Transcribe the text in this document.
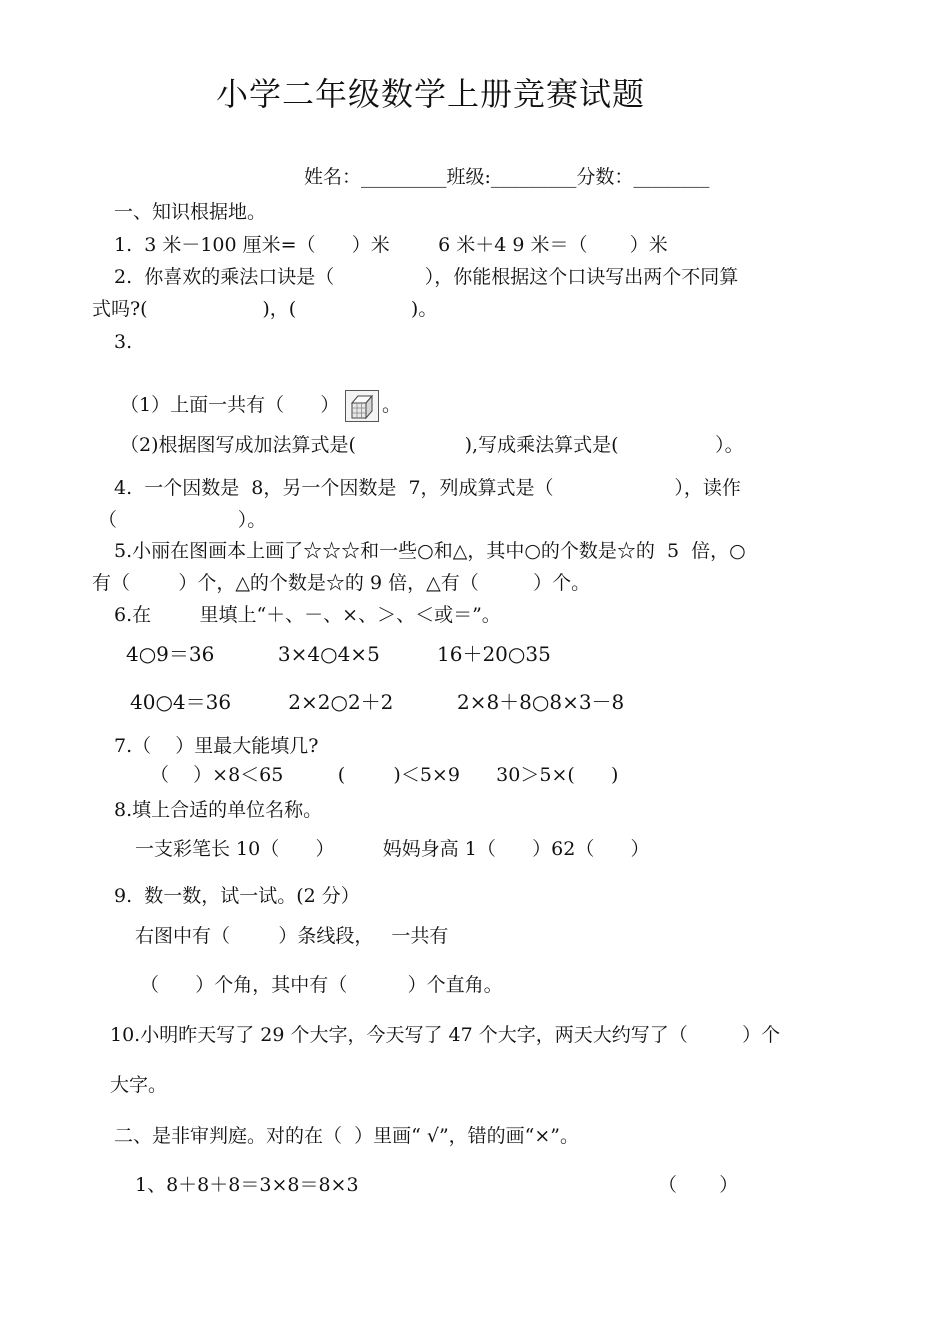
小学二年级数学上册竞赛试题
姓名：_________班级:_________分数：________
一、知识根据地。
1.  3 米－100 厘米=（      ）米        6 米＋4 9 米＝（       ）米
2.  你喜欢的乘法口诀是（               ），你能根据这个口诀写出两个不同算
式吗?(                   )，(                   )。
3.
（1）上面一共有（      ） 。
（2)根据图写成加法算式是(                  ),写成乘法算式是(                ）。
4.  一个因数是  8，另一个因数是  7，列成算式是（                    ），读作
（                    ）。
5.小丽在图画本上画了☆☆☆和一些○和△，其中○的个数是☆的  5  倍，○
有（        ）个，△的个数是☆的 9 倍，△有（         ）个。
6.在        里填上“＋、－、×、＞、＜或＝”。
4○9＝36          3×4○4×5         16＋20○35
40○4＝36         2×2○2＋2          2×8＋8○8×3－8
7.（    ）里最大能填几?
（    ）×8＜65         (        )＜5×9      30＞5×(      )
8.填上合适的单位名称。
一支彩笔长 10（      ）        妈妈身高 1（      ）62（      ）
9.  数一数，试一试。(2 分）
右图中有（        ）条线段，   一共有
（      ）个角，其中有（          ）个直角。
10.小明昨天写了 29 个大字，今天写了 47 个大字，两天大约写了（         ）个
大字。
二、是非审判庭。对的在（  ）里画“ √”，错的画“×”。
1、8＋8＋8＝3×8＝8×3	（       ）
